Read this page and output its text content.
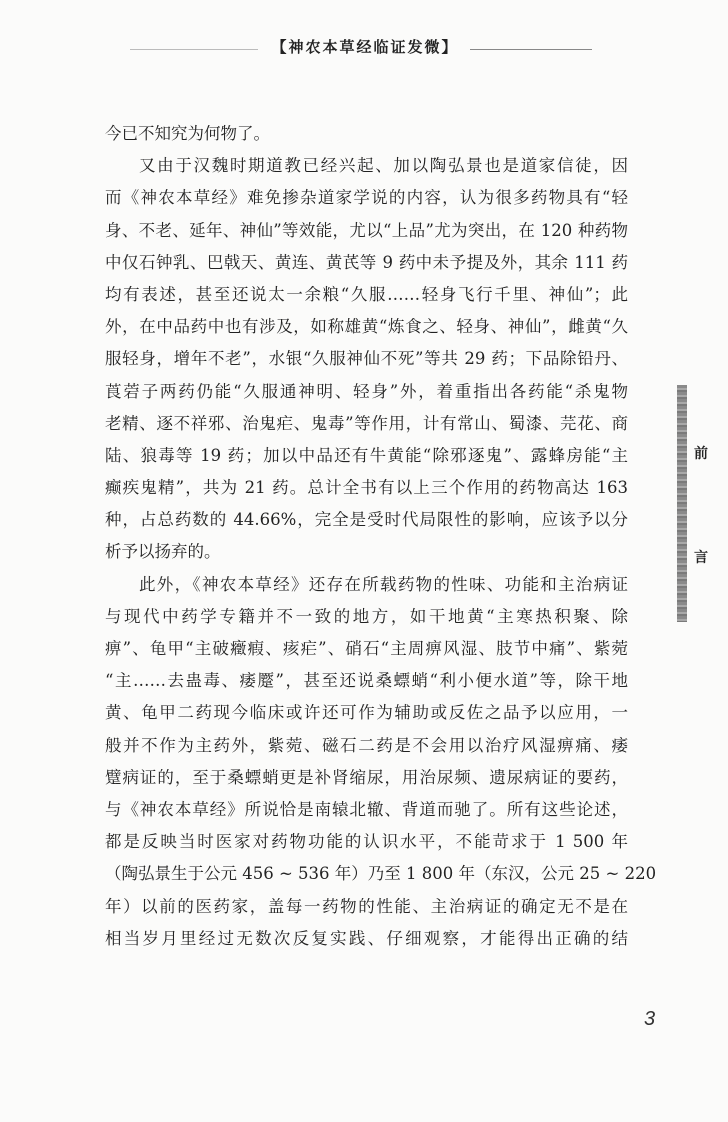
【神农本草经临证发微】
今已不知究为何物了。
又由于汉魏时期道教已经兴起、加以陶弘景也是道家信徒，因
而《神农本草经》难免掺杂道家学说的内容，认为很多药物具有“轻
身、不老、延年、神仙”等效能，尤以“上品”尤为突出，在 120 种药物
中仅石钟乳、巴戟天、黄连、黄芪等 9 药中未予提及外，其余 111 药
均有表述，甚至还说太一余粮“久服……轻身飞行千里、神仙”；此
外，在中品药中也有涉及，如称雄黄“炼食之、轻身、神仙”，雌黄“久
服轻身，增年不老”，水银“久服神仙不死”等共 29 药；下品除铅丹、
莨菪子两药仍能“久服通神明、轻身”外，着重指出各药能“杀鬼物
老精、逐不祥邪、治鬼疟、鬼毒”等作用，计有常山、蜀漆、芫花、商
陆、狼毒等 19 药；加以中品还有牛黄能“除邪逐鬼”、露蜂房能“主
癫疾鬼精”，共为 21 药。总计全书有以上三个作用的药物高达 163
种，占总药数的 44.66%，完全是受时代局限性的影响，应该予以分
析予以扬弃的。
此外，《神农本草经》还存在所载药物的性味、功能和主治病证
与现代中药学专籍并不一致的地方，如干地黄“主寒热积聚、除
痹”、龟甲“主破癥瘕、痎疟”、硝石“主周痹风湿、肢节中痛”、紫菀
“主……去蛊毒、痿蹷”，甚至还说桑螵蛸“利小便水道”等，除干地
黄、龟甲二药现今临床或许还可作为辅助或反佐之品予以应用，一
般并不作为主药外，紫菀、磁石二药是不会用以治疗风湿痹痛、痿
躄病证的，至于桑螵蛸更是补肾缩尿，用治尿频、遗尿病证的要药，
与《神农本草经》所说恰是南辕北辙、背道而驰了。所有这些论述，
都是反映当时医家对药物功能的认识水平，不能苛求于 1 500 年
（陶弘景生于公元 456 ~ 536 年）乃至 1 800 年（东汉，公元 25 ~ 220
年）以前的医药家，盖每一药物的性能、主治病证的确定无不是在
相当岁月里经过无数次反复实践、仔细观察，才能得出正确的结
前
言
3
